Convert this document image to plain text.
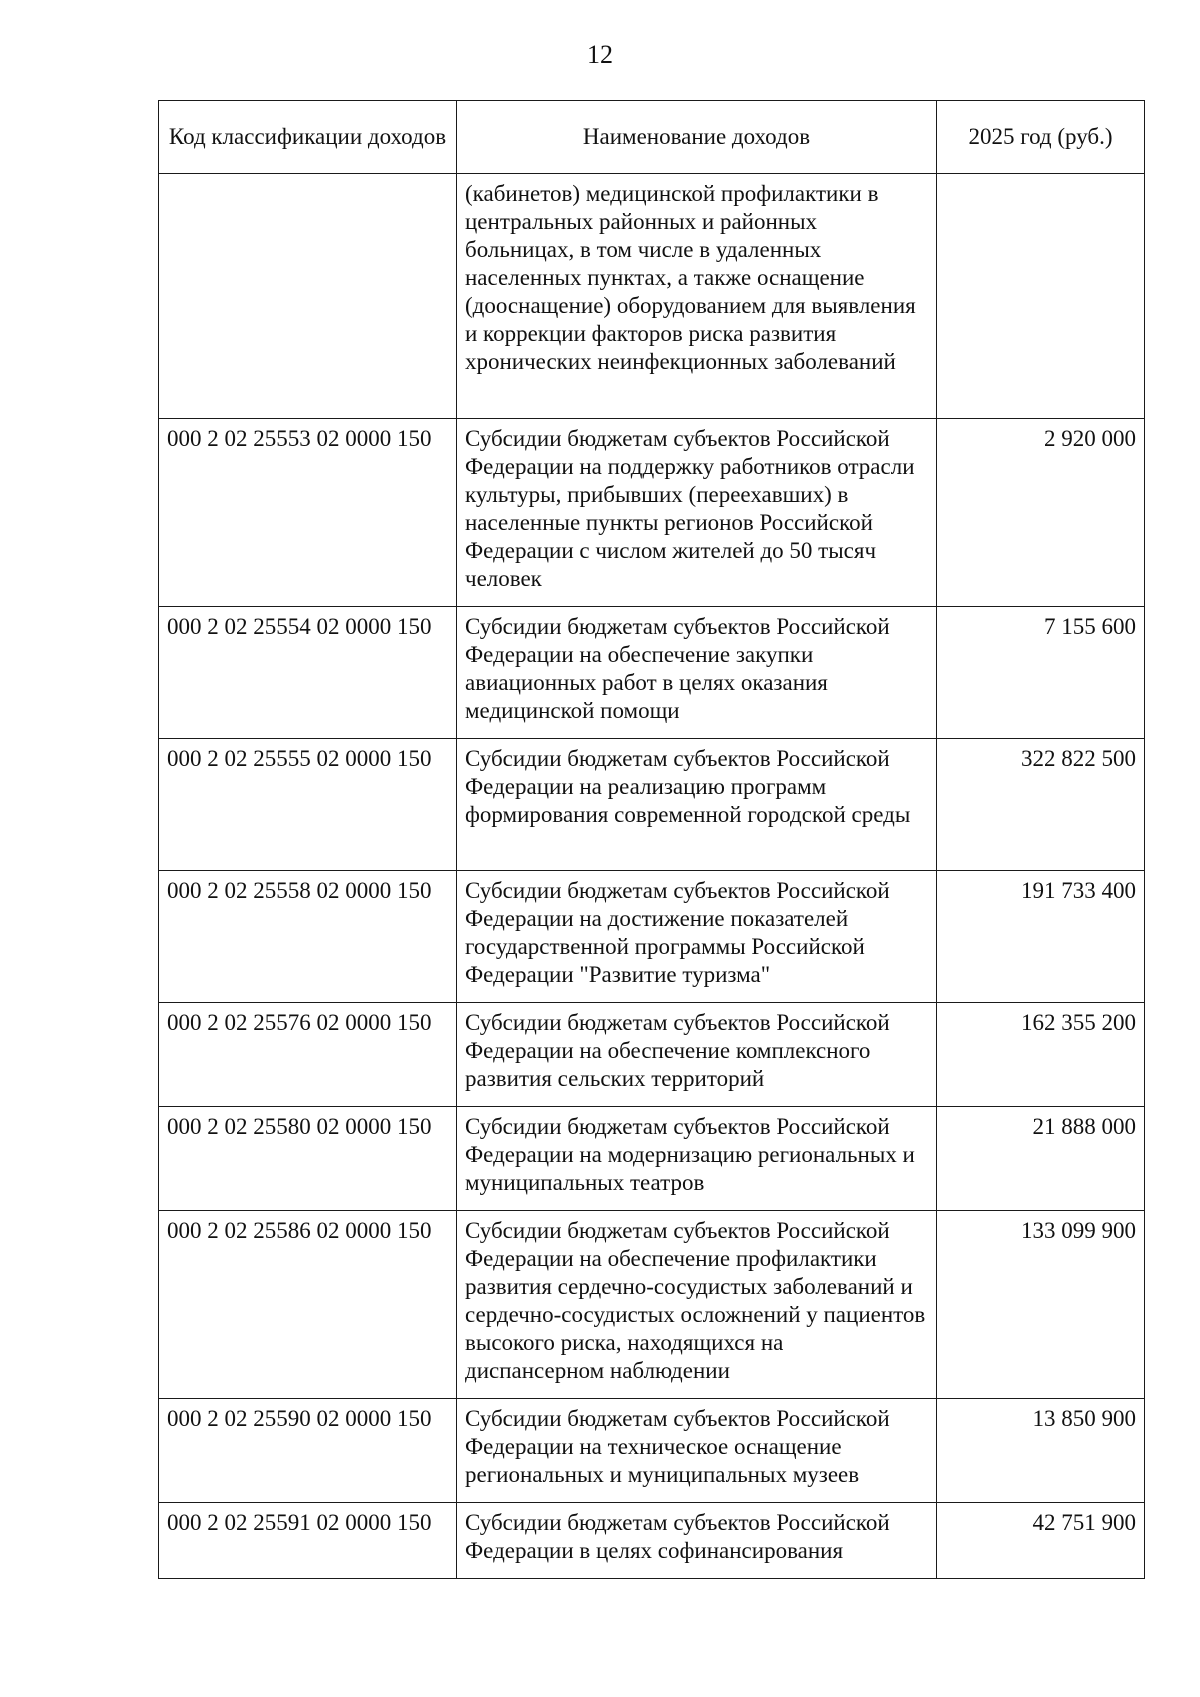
12
Код классификации доходов	Наименование доходов	2025 год (руб.)
	(кабинетов) медицинской профилактики в центральных районных и районных больницах, в том числе в удаленных населенных пунктах, а также оснащение (дооснащение) оборудованием для выявления и коррекции факторов риска развития хронических неинфекционных заболеваний	
000 2 02 25553 02 0000 150	Субсидии бюджетам субъектов Российской Федерации на поддержку работников отрасли культуры, прибывших (переехавших) в населенные пункты регионов Российской Федерации с числом жителей до 50 тысяч человек	2 920 000
000 2 02 25554 02 0000 150	Субсидии бюджетам субъектов Российской Федерации на обеспечение закупки авиационных работ в целях оказания медицинской помощи	7 155 600
000 2 02 25555 02 0000 150	Субсидии бюджетам субъектов Российской Федерации на реализацию программ формирования современной городской среды	322 822 500
000 2 02 25558 02 0000 150	Субсидии бюджетам субъектов Российской Федерации на достижение показателей государственной программы Российской Федерации "Развитие туризма"	191 733 400
000 2 02 25576 02 0000 150	Субсидии бюджетам субъектов Российской Федерации на обеспечение комплексного развития сельских территорий	162 355 200
000 2 02 25580 02 0000 150	Субсидии бюджетам субъектов Российской Федерации на модернизацию региональных и муниципальных театров	21 888 000
000 2 02 25586 02 0000 150	Субсидии бюджетам субъектов Российской Федерации на обеспечение профилактики развития сердечно-сосудистых заболеваний и сердечно-сосудистых осложнений у пациентов высокого риска, находящихся на диспансерном наблюдении	133 099 900
000 2 02 25590 02 0000 150	Субсидии бюджетам субъектов Российской Федерации на техническое оснащение региональных и муниципальных музеев	13 850 900
000 2 02 25591 02 0000 150	Субсидии бюджетам субъектов Российской Федерации в целях софинансирования	42 751 900
